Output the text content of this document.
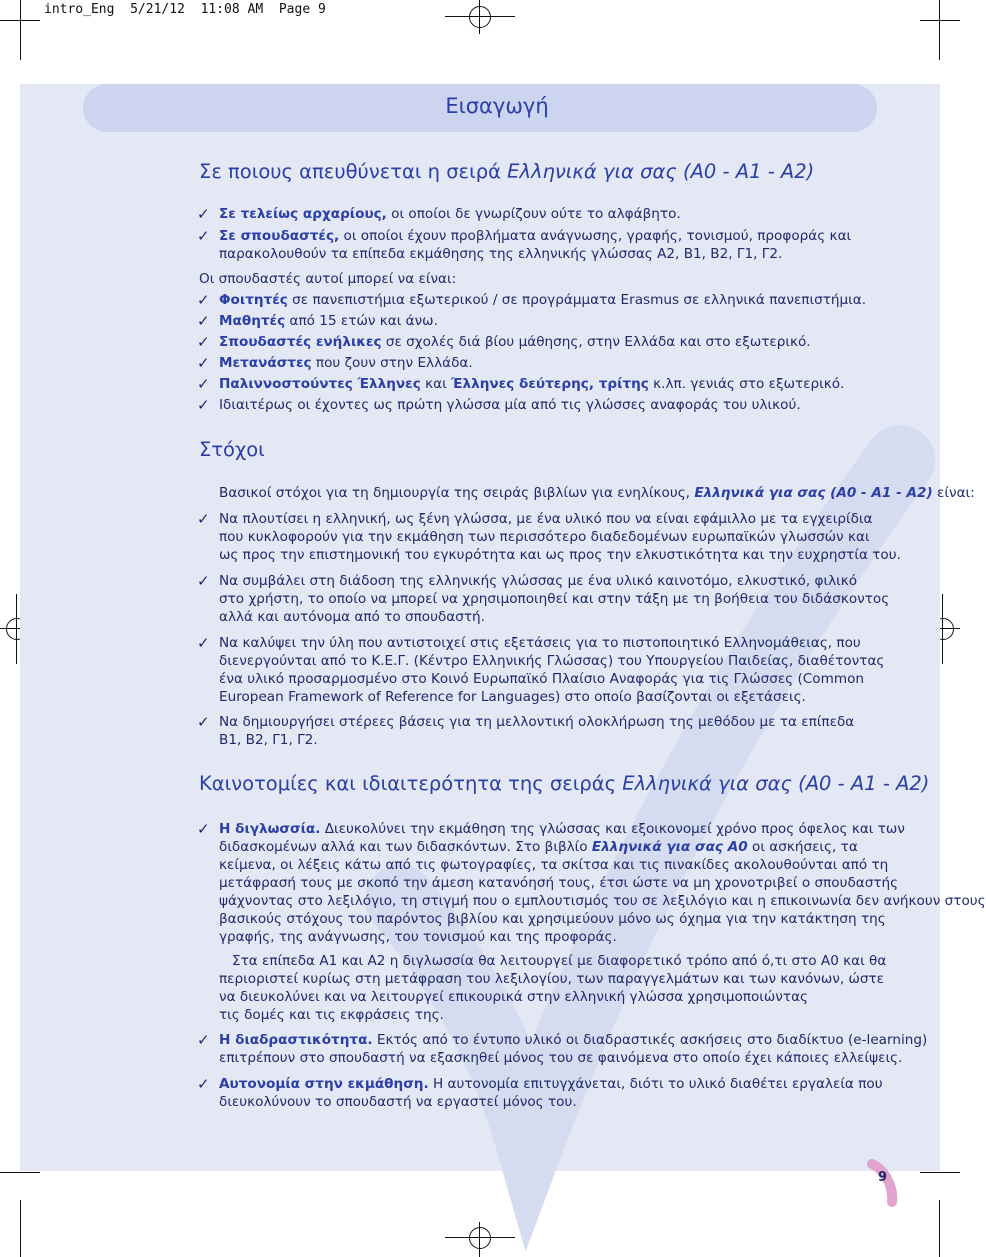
intro_Eng 5/21/12 11:08 AM Page 9
Εισαγωγή
Σε ποιους απευθύνεται η σειρά Ελληνικά για σας (A0 - A1 - A2)
✓ Σε τελείως αρχαρίους, οι οποίοι δε γνωρίζουν ούτε το αλφάβητο.
✓ Σε σπουδαστές, οι οποίοι έχουν προβλήματα ανάγνωσης, γραφής, τονισμού, προφοράς και
παρακολουθούν τα επίπεδα εκμάθησης της ελληνικής γλώσσας Α2, Β1, Β2, Γ1, Γ2.
Οι σπουδαστές αυτοί μπορεί να είναι:
✓ Φοιτητές σε πανεπιστήμια εξωτερικού / σε προγράμματα Erasmus σε ελληνικά πανεπιστήμια.
✓ Μαθητές από 15 ετών και άνω.
✓ Σπουδαστές ενήλικες σε σχολές διά βίου μάθησης, στην Ελλάδα και στο εξωτερικό.
✓ Μετανάστες που ζουν στην Ελλάδα.
✓ Παλιννοστούντες Έλληνες και Έλληνες δεύτερης, τρίτης κ.λπ. γενιάς στο εξωτερικό.
✓ Ιδιαιτέρως οι έχοντες ως πρώτη γλώσσα μία από τις γλώσσες αναφοράς του υλικού.
Στόχοι
Βασικοί στόχοι για τη δημιουργία της σειράς βιβλίων για ενηλίκους, Ελληνικά για σας (A0 - A1 - A2) είναι:
✓ Να πλουτίσει η ελληνική, ως ξένη γλώσσα, με ένα υλικό που να είναι εφάμιλλο με τα εγχειρίδια
που κυκλοφορούν για την εκμάθηση των περισσότερο διαδεδομένων ευρωπαϊκών γλωσσών και
ως προς την επιστημονική του εγκυρότητα και ως προς την ελκυστικότητα και την ευχρηστία του.
✓ Να συμβάλει στη διάδοση της ελληνικής γλώσσας με ένα υλικό καινοτόμο, ελκυστικό, φιλικό
στο χρήστη, το οποίο να μπορεί να χρησιμοποιηθεί και στην τάξη με τη βοήθεια του διδάσκοντος
αλλά και αυτόνομα από το σπουδαστή.
✓ Να καλύψει την ύλη που αντιστοιχεί στις εξετάσεις για το πιστοποιητικό Ελληνομάθειας, που
διενεργούνται από το Κ.Ε.Γ. (Κέντρο Ελληνικής Γλώσσας) του Υπουργείου Παιδείας, διαθέτοντας
ένα υλικό προσαρμοσμένο στο Κοινό Ευρωπαϊκό Πλαίσιο Αναφοράς για τις Γλώσσες (Common
European Framework of Reference for Languages) στο οποίο βασίζονται οι εξετάσεις.
✓ Να δημιουργήσει στέρεες βάσεις για τη μελλοντική ολοκλήρωση της μεθόδου με τα επίπεδα
Β1, Β2, Γ1, Γ2.
Καινοτομίες και ιδιαιτερότητα της σειράς Ελληνικά για σας (A0 - A1 - A2)
✓ Η διγλωσσία. Διευκολύνει την εκμάθηση της γλώσσας και εξοικονομεί χρόνο προς όφελος και των
διδασκομένων αλλά και των διδασκόντων. Στο βιβλίο Ελληνικά για σας A0 οι ασκήσεις, τα
κείμενα, οι λέξεις κάτω από τις φωτογραφίες, τα σκίτσα και τις πινακίδες ακολουθούνται από τη
μετάφρασή τους με σκοπό την άμεση κατανόησή τους, έτσι ώστε να μη χρονοτριβεί ο σπουδαστής
ψάχνοντας στο λεξιλόγιο, τη στιγμή που ο εμπλουτισμός του σε λεξιλόγιο και η επικοινωνία δεν ανήκουν στους
βασικούς στόχους του παρόντος βιβλίου και χρησιμεύουν μόνο ως όχημα για την κατάκτηση της
γραφής, της ανάγνωσης, του τονισμού και της προφοράς.
Στα επίπεδα Α1 και Α2 η διγλωσσία θα λειτουργεί με διαφορετικό τρόπο από ό,τι στο Α0 και θα
περιοριστεί κυρίως στη μετάφραση του λεξιλογίου, των παραγγελμάτων και των κανόνων, ώστε
να διευκολύνει και να λειτουργεί επικουρικά στην ελληνική γλώσσα χρησιμοποιώντας
τις δομές και τις εκφράσεις της.
✓ Η διαδραστικότητα. Εκτός από το έντυπο υλικό οι διαδραστικές ασκήσεις στο διαδίκτυο (e-learning)
επιτρέπουν στο σπουδαστή να εξασκηθεί μόνος του σε φαινόμενα στο οποίο έχει κάποιες ελλείψεις.
✓ Αυτονομία στην εκμάθηση. Η αυτονομία επιτυγχάνεται, διότι το υλικό διαθέτει εργαλεία που
διευκολύνουν το σπουδαστή να εργαστεί μόνος του.
9
